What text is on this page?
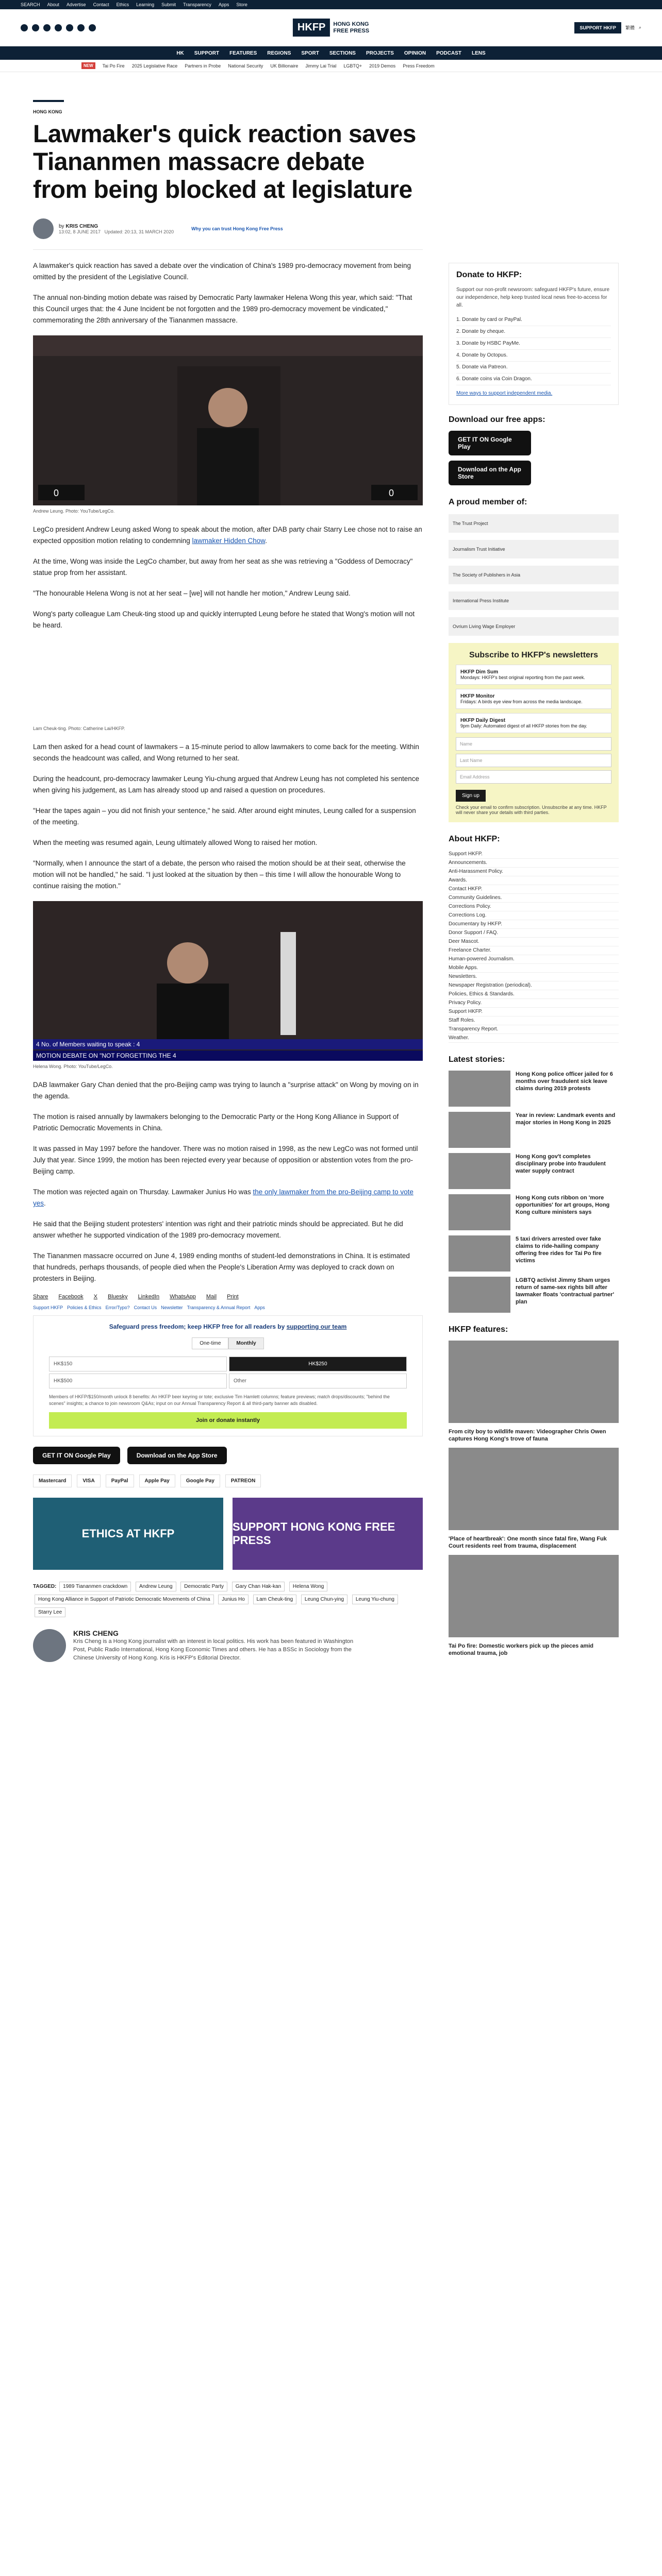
SEARCH About Advertise Contact Ethics Learning Submit Transparency Apps Store
HKFP	HONG KONG
FREE PRESS	SUPPORT HKFP	繁體 ⌕
HK SUPPORT FEATURES REGIONS SPORT SECTIONS PROJECTS OPINION PODCAST LENS
NEW	Tai Po Fire 2025 Legislative Race Partners in Probe National Security UK Billionaire Jimmy Lai Trial LGBTQ+ 2019 Demos Press Freedom
HONG KONG
Lawmaker's quick reaction saves Tiananmen massacre debate from being blocked at legislature
by KRIS CHENG
13:02, 8 JUNE 2017 Updated: 20:13, 31 MARCH 2020
Why you can trust Hong Kong Free Press

A lawmaker's quick reaction has saved a debate over the vindication of China's 1989 pro-democracy movement from being omitted by the president of the Legislative Council.

The annual non-binding motion debate was raised by Democratic Party lawmaker Helena Wong this year, which said: "That this Council urges that: the 4 June Incident be not forgotten and the 1989 pro-democracy movement be vindicated," commemorating the 28th anniversary of the Tiananmen massacre.

0	0
Andrew Leung. Photo: YouTube/LegCo.

LegCo president Andrew Leung asked Wong to speak about the motion, after DAB party chair Starry Lee chose not to raise an expected opposition motion relating to condemning lawmaker Hidden Chow.

At the time, Wong was inside the LegCo chamber, but away from her seat as she was retrieving a "Goddess of Democracy" statue prop from her assistant.

"The honourable Helena Wong is not at her seat – [we] will not handle her motion," Andrew Leung said.

Wong's party colleague Lam Cheuk-ting stood up and quickly interrupted Leung before he stated that Wong's motion will not be heard.

Lam Cheuk-ting. Photo: Catherine Lai/HKFP.

Lam then asked for a head count of lawmakers – a 15-minute period to allow lawmakers to come back for the meeting. Within seconds the headcount was called, and Wong returned to her seat.

During the headcount, pro-democracy lawmaker Leung Yiu-chung argued that Andrew Leung has not completed his sentence when giving his judgement, as Lam has already stood up and raised a question on procedures.

"Hear the tapes again – you did not finish your sentence," he said. After around eight minutes, Leung called for a suspension of the meeting.

When the meeting was resumed again, Leung ultimately allowed Wong to raised her motion.

"Normally, when I announce the start of a debate, the person who raised the motion should be at their seat, otherwise the motion will not be handled," he said. "I just looked at the situation by then – this time I will allow the honourable Wong to continue raising the motion."

4 No. of Members waiting to speak : 4
MOTION DEBATE ON "NOT FORGETTING THE 4
Helena Wong. Photo: YouTube/LegCo.

DAB lawmaker Gary Chan denied that the pro-Beijing camp was trying to launch a "surprise attack" on Wong by moving on in the agenda.

The motion is raised annually by lawmakers belonging to the Democratic Party or the Hong Kong Alliance in Support of Patriotic Democratic Movements in China.

It was passed in May 1997 before the handover. There was no motion raised in 1998, as the new LegCo was not formed until July that year. Since 1999, the motion has been rejected every year because of opposition or abstention votes from the pro-Beijing camp.

The motion was rejected again on Thursday. Lawmaker Junius Ho was the only lawmaker from the pro-Beijing camp to vote yes.

He said that the Beijing student protesters' intention was right and their patriotic minds should be appreciated. But he did answer whether he supported vindication of the 1989 pro-democracy movement.

The Tiananmen massacre occurred on June 4, 1989 ending months of student-led demonstrations in China. It is estimated that hundreds, perhaps thousands, of people died when the People's Liberation Army was deployed to crack down on protesters in Beijing.

Share Facebook X Bluesky LinkedIn WhatsApp Mail Print
Support HKFP Policies & Ethics Error/Typo? Contact Us Newsletter Transparency & Annual Report Apps
Safeguard press freedom; keep HKFP free for all readers by supporting our team
One-time	Monthly
HK$150	HK$250
HK$500	Other
Members of HKFP/$150/month unlock 8 benefits: An HKFP beer keyring or tote; exclusive Tim Hamlett columns; feature previews; match drops/discounts; "behind the scenes" insights; a chance to join newsroom Q&As; input on our Annual Transparency Report & all third-party banner ads disabled.
Join or donate instantly
GET IT ON Google Play	Download on the App Store
Mastercard	VISA	PayPal	Apple Pay	Google Pay	PATREON
ETHICS AT HKFP
SUPPORT HONG KONG FREE PRESS
TAGGED: 1989 Tiananmen crackdown Andrew Leung Democratic Party Gary Chan Hak-kan Helena Wong Hong Kong Alliance in Support of Patriotic Democratic Movements of China Junius Ho Lam Cheuk-ting Leung Chun-ying Leung Yiu-chung Starry Lee
KRIS CHENG

Kris Cheng is a Hong Kong journalist with an interest in local politics. His work has been featured in Washington Post, Public Radio International, Hong Kong Economic Times and others. He has a BSSc in Sociology from the Chinese University of Hong Kong. Kris is HKFP's Editorial Director.

Donate to HKFP:

Support our non-profit newsroom: safeguard HKFP's future, ensure our independence, help keep trusted local news free-to-access for all.

1. Donate by card or PayPal.
2. Donate by cheque.
3. Donate by HSBC PayMe.
4. Donate by Octopus.
5. Donate via Patreon.
6. Donate coins via Coin Dragon.

More ways to support independent media.

Download our free apps:
GET IT ON Google Play
Download on the App Store
A proud member of:
The Trust Project
Journalism Trust Initiative
The Society of Publishers in Asia
International Press Institute
Ovrium Living Wage Employer
Subscribe to HKFP's newsletters
HKFP Dim Sum
Mondays: HKFP's best original reporting from the past week.
HKFP Monitor
Fridays: A birds eye view from across the media landscape.
HKFP Daily Digest
9pm Daily: Automated digest of all HKFP stories from the day.
Name
Last Name
Email Address
Sign up

Check your email to confirm subscription. Unsubscribe at any time. HKFP will never share your details with third parties.

About HKFP:
Support HKFP.
Announcements.
Anti-Harassment Policy.
Awards.
Contact HKFP.
Community Guidelines.
Corrections Policy.
Corrections Log.
Documentary by HKFP.
Donor Support / FAQ.
Deer Mascot.
Freelance Charter.
Human-powered Journalism.
Mobile Apps.
Newsletters.
Newspaper Registration (periodical).
Policies, Ethics & Standards.
Privacy Policy.
Support HKFP.
Staff Roles.
Transparency Report.
Weather.
Latest stories:

Hong Kong police officer jailed for 6 months over fraudulent sick leave claims during 2019 protests

Year in review: Landmark events and major stories in Hong Kong in 2025

Hong Kong gov't completes disciplinary probe into fraudulent water supply contract

Hong Kong cuts ribbon on 'more opportunities' for art groups, Hong Kong culture ministers says

5 taxi drivers arrested over fake claims to ride-hailing company offering free rides for Tai Po fire victims

LGBTQ activist Jimmy Sham urges return of same-sex rights bill after lawmaker floats 'contractual partner' plan

HKFP features:

From city boy to wildlife maven: Videographer Chris Owen captures Hong Kong's trove of fauna

'Place of heartbreak': One month since fatal fire, Wang Fuk Court residents reel from trauma, displacement

Tai Po fire: Domestic workers pick up the pieces amid emotional trauma, job
